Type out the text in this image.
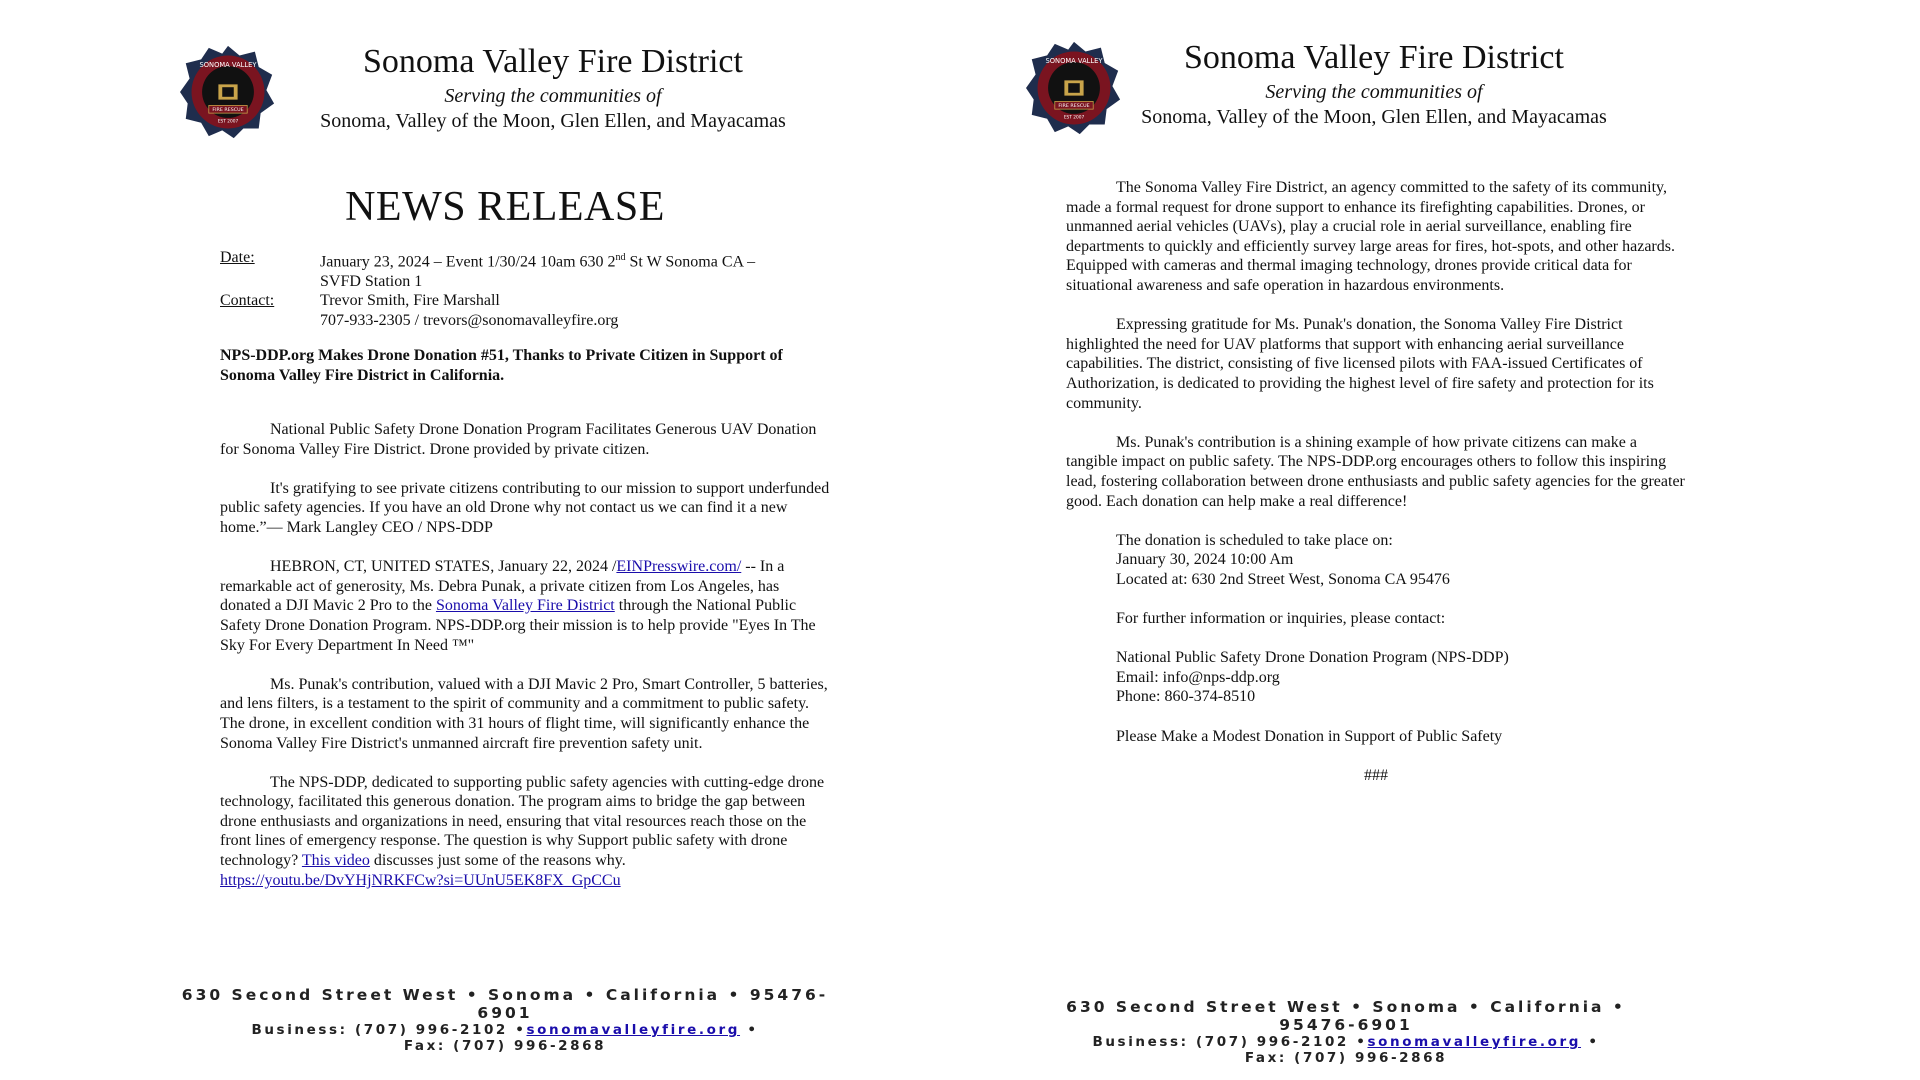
SONOMA VALLEY
FIRE RESCUE
EST 2007
Sonoma Valley Fire District
Serving the communities of
Sonoma, Valley of the Moon, Glen Ellen, and Mayacamas
NEWS RELEASE
Date:	January 23, 2024 – Event 1/30/24 10am 630 2nd St W Sonoma CA –
SVFD Station 1
Contact:	Trevor Smith, Fire Marshall
707-933-2305 / trevors@sonomavalleyfire.org
NPS-DDP.org Makes Drone Donation #51, Thanks to Private Citizen in Support of Sonoma Valley Fire District in California.

National Public Safety Drone Donation Program Facilitates Generous UAV Donation for Sonoma Valley Fire District. Drone provided by private citizen.

It's gratifying to see private citizens contributing to our mission to support underfunded public safety agencies. If you have an old Drone why not contact us we can find it a new home.”— Mark Langley CEO / NPS-DDP

HEBRON, CT, UNITED STATES, January 22, 2024 /EINPresswire.com/ -- In a remarkable act of generosity, Ms. Debra Punak, a private citizen from Los Angeles, has donated a DJI Mavic 2 Pro to the Sonoma Valley Fire District through the National Public Safety Drone Donation Program. NPS-DDP.org their mission is to help provide "Eyes In The Sky For Every Department In Need ™"

Ms. Punak's contribution, valued with a DJI Mavic 2 Pro, Smart Controller, 5 batteries, and lens filters, is a testament to the spirit of community and a commitment to public safety. The drone, in excellent condition with 31 hours of flight time, will significantly enhance the Sonoma Valley Fire District's unmanned aircraft fire prevention safety unit.

The NPS-DDP, dedicated to supporting public safety agencies with cutting-edge drone technology, facilitated this generous donation. The program aims to bridge the gap between drone enthusiasts and organizations in need, ensuring that vital resources reach those on the front lines of emergency response. The question is why Support public safety with drone technology? This video discusses just some of the reasons why.
https://youtu.be/DvYHjNRKFCw?si=UUnU5EK8FX_GpCCu

630 Second Street West • Sonoma • California • 95476-6901
Business: (707) 996-2102 •sonomavalleyfire.org •
Fax: (707) 996-2868
SONOMA VALLEY
FIRE RESCUE
EST 2007
Sonoma Valley Fire District
Serving the communities of
Sonoma, Valley of the Moon, Glen Ellen, and Mayacamas

The Sonoma Valley Fire District, an agency committed to the safety of its community, made a formal request for drone support to enhance its firefighting capabilities. Drones, or unmanned aerial vehicles (UAVs), play a crucial role in aerial surveillance, enabling fire departments to quickly and efficiently survey large areas for fires, hot-spots, and other hazards. Equipped with cameras and thermal imaging technology, drones provide critical data for situational awareness and safe operation in hazardous environments.

Expressing gratitude for Ms. Punak's donation, the Sonoma Valley Fire District highlighted the need for UAV platforms that support with enhancing aerial surveillance capabilities. The district, consisting of five licensed pilots with FAA-issued Certificates of Authorization, is dedicated to providing the highest level of fire safety and protection for its community.

Ms. Punak's contribution is a shining example of how private citizens can make a tangible impact on public safety. The NPS-DDP.org encourages others to follow this inspiring lead, fostering collaboration between drone enthusiasts and public safety agencies for the greater good. Each donation can help make a real difference!

The donation is scheduled to take place on:
January 30, 2024 10:00 Am
Located at: 630 2nd Street West, Sonoma CA 95476

For further information or inquiries, please contact:

National Public Safety Drone Donation Program (NPS-DDP)
Email: info@nps-ddp.org
Phone: 860-374-8510

Please Make a Modest Donation in Support of Public Safety

###

630 Second Street West • Sonoma • California • 95476-6901
Business: (707) 996-2102 •sonomavalleyfire.org •
Fax: (707) 996-2868
